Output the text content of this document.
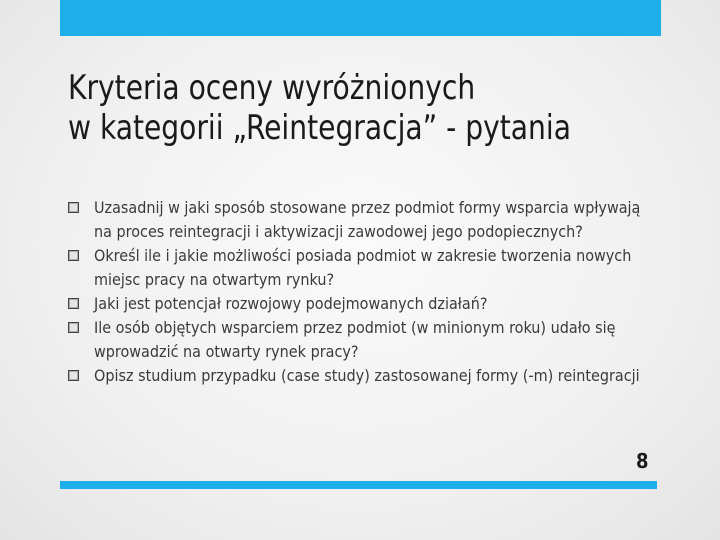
Kryteria oceny wyróżnionych
w kategorii „Reintegracja” - pytania
Uzasadnij w jaki sposób stosowane przez podmiot formy wsparcia wpływają na proces reintegracji i aktywizacji zawodowej jego podopiecznych?
Określ ile i jakie możliwości posiada podmiot w zakresie tworzenia nowych miejsc pracy na otwartym rynku?
Jaki jest potencjał rozwojowy podejmowanych działań?
Ile osób objętych wsparciem przez podmiot (w minionym roku) udało się wprowadzić na otwarty rynek pracy?
Opisz studium przypadku (case study) zastosowanej formy (-m) reintegracji
8
